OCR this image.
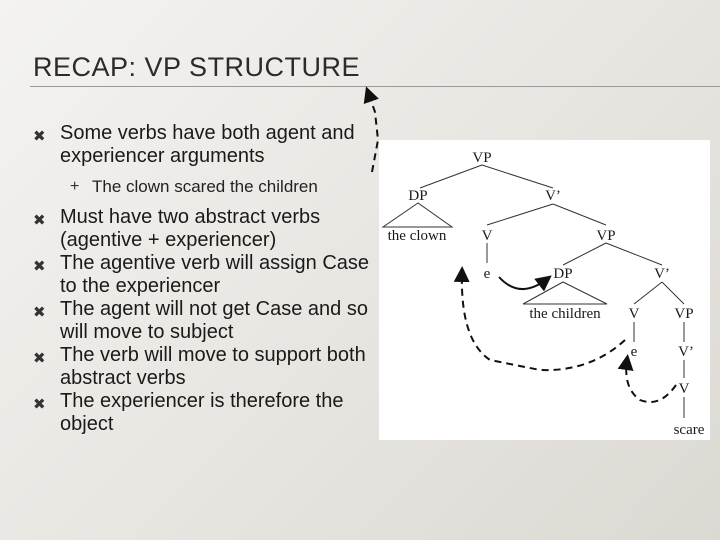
RECAP: VP STRUCTURE
✖ Some verbs have both agent and experiencer arguments
+ The clown scared the children
✖ Must have two abstract verbs (agentive + experiencer)
✖ The agentive verb will assign Case to the experiencer
✖ The agent will not get Case and so will move to subject
✖ The verb will move to support both abstract verbs
✖ The experiencer is therefore the object
VP
DP	V’
the clown V	VP
e	DP	V’
the children V VP
e	V’
V
scare
